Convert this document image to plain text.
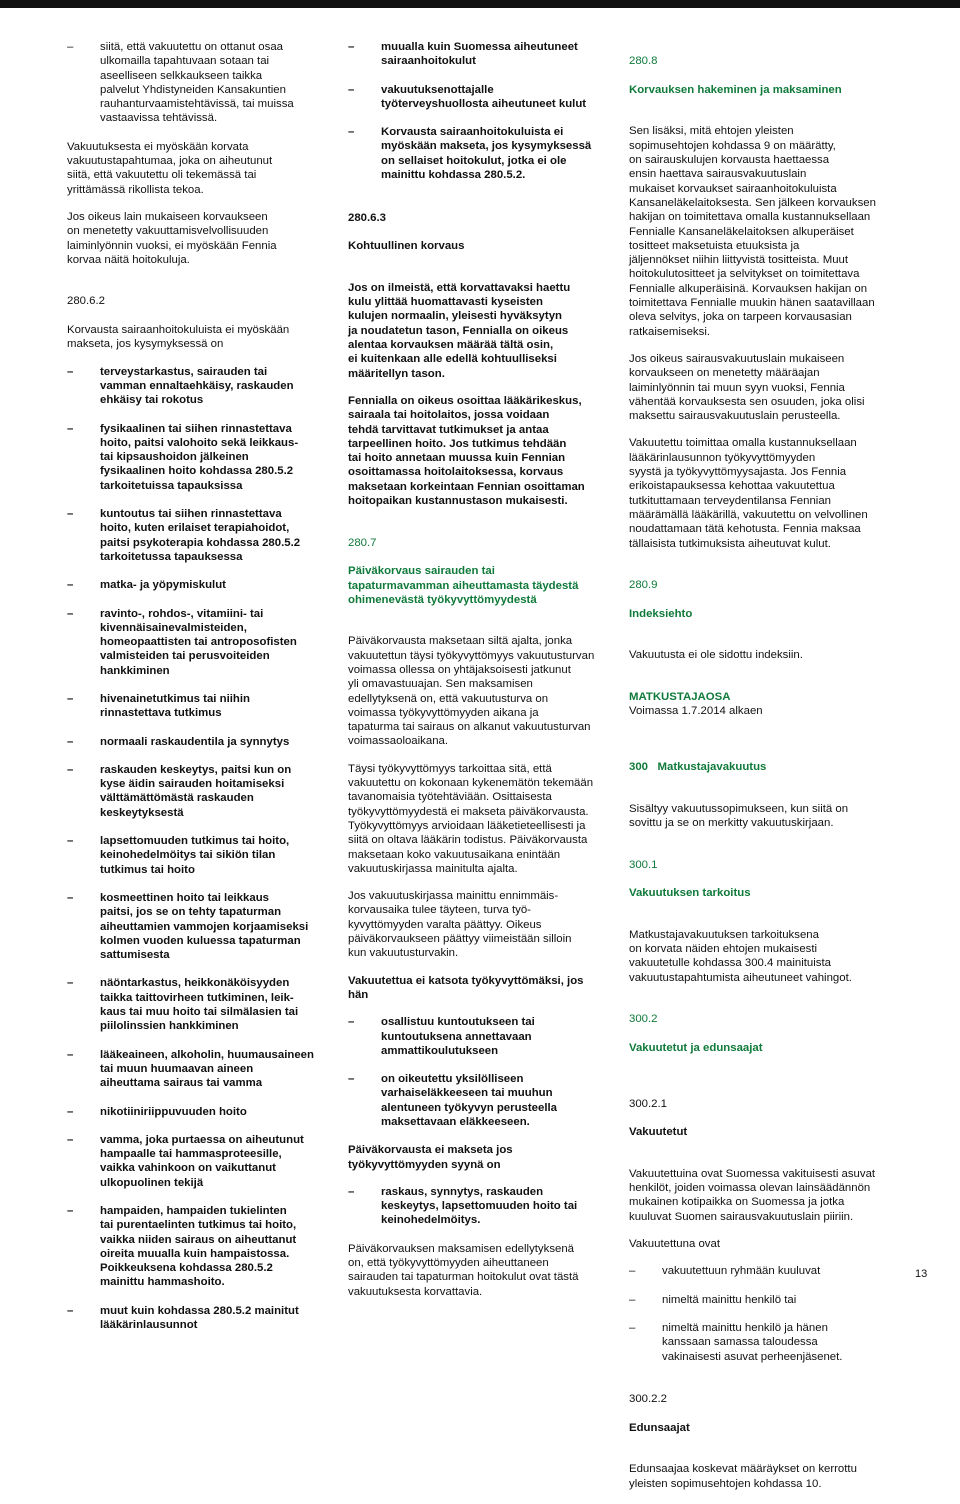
– siitä, että vakuutettu on ottanut osaa
ulkomailla tapahtuvaan sotaan tai
aseelliseen selkkaukseen taikka
palvelut Yhdistyneiden Kansakuntien
rauhanturvaamistehtävissä, tai muissa
vastaavissa tehtävissä.

Vakuutuksesta ei myöskään korvata
vakuutustapahtumaa, joka on aiheutunut
siitä, että vakuutettu oli tekemässä tai
yrittämässä rikollista tekoa.

Jos oikeus lain mukaiseen korvaukseen
on menetetty vakuuttamisvelvollisuuden
laiminlyönnin vuoksi, ei myöskään Fennia
korvaa näitä hoitokuluja.

280.6.2

Korvausta sairaanhoitokuluista ei myöskään
makseta, jos kysymyksessä on

– terveystarkastus, sairauden tai
vamman ennaltaehkäisy, raskauden
ehkäisy tai rokotus
– fysikaalinen tai siihen rinnastettava
hoito, paitsi valohoito sekä leikkaus-
tai kipsaushoidon jälkeinen
fysikaalinen hoito kohdassa 280.5.2
tarkoitetuissa tapauksissa
– kuntoutus tai siihen rinnastettava
hoito, kuten erilaiset terapiahoidot,
paitsi psykoterapia kohdassa 280.5.2
tarkoitetussa tapauksessa
– matka- ja yöpymiskulut
– ravinto-, rohdos-, vitamiini- tai
kivennäisainevalmisteiden,
homeopaattisten tai antroposofisten
valmisteiden tai perusvoiteiden
hankkiminen
– hivenainetutkimus tai niihin
rinnastettava tutkimus
– normaali raskaudentila ja synnytys
– raskauden keskeytys, paitsi kun on
kyse äidin sairauden hoitamiseksi
välttämättömästä raskauden
keskeytyksestä
– lapsettomuuden tutkimus tai hoito,
keinohedelmöitys tai sikiön tilan
tutkimus tai hoito
– kosmeettinen hoito tai leikkaus
paitsi, jos se on tehty tapaturman
aiheuttamien vammojen korjaamiseksi
kolmen vuoden kuluessa tapaturman
sattumisesta
– näöntarkastus, heikkonäköisyyden
taikka taittovirheen tutkiminen, leik-
kaus tai muu hoito tai silmälasien tai
piilolinssien hankkiminen
– lääkeaineen, alkoholin, huumausaineen
tai muun huumaavan aineen
aiheuttama sairaus tai vamma
– nikotiiniriippuvuuden hoito
– vamma, joka purtaessa on aiheutunut
hampaalle tai hammasproteesille,
vaikka vahinkoon on vaikuttanut
ulkopuolinen tekijä
– hampaiden, hampaiden tukielinten
tai purentaelinten tutkimus tai hoito,
vaikka niiden sairaus on aiheuttanut
oireita muualla kuin hampaistossa.
Poikkeuksena kohdassa 280.5.2
mainittu hammashoito.
– muut kuin kohdassa 280.5.2 mainitut
lääkärinlausunnot
– muualla kuin Suomessa aiheutuneet
sairaanhoitokulut
– vakuutuksenottajalle
työterveyshuollosta aiheutuneet kulut
– Korvausta sairaanhoitokuluista ei
myöskään makseta, jos kysymyksessä
on sellaiset hoitokulut, jotka ei ole
mainittu kohdassa 280.5.2.

280.6.3

Kohtuullinen korvaus

Jos on ilmeistä, että korvattavaksi haettu
kulu ylittää huomattavasti kyseisten
kulujen normaalin, yleisesti hyväksytyn
ja noudatetun tason, Fennialla on oikeus
alentaa korvauksen määrää tältä osin,
ei kuitenkaan alle edellä kohtuulliseksi
määritellyn tason.

Fennialla on oikeus osoittaa lääkärikeskus,
sairaala tai hoitolaitos, jossa voidaan
tehdä tarvittavat tutkimukset ja antaa
tarpeellinen hoito. Jos tutkimus tehdään
tai hoito annetaan muussa kuin Fennian
osoittamassa hoitolaitoksessa, korvaus
maksetaan korkeintaan Fennian osoittaman
hoitopaikan kustannustason mukaisesti.

280.7

Päiväkorvaus sairauden tai
tapaturmavamman aiheuttamasta täydestä
ohimenevästä työkyvyttömyydestä

Päiväkorvausta maksetaan siltä ajalta, jonka
vakuutettun täysi työkyvyttömyys vakuutusturvan
voimassa ollessa on yhtäjaksoisesti jatkunut
yli omavastuuajan. Sen maksamisen
edellytyksenä on, että vakuutusturva on
voimassa työkyvyttömyyden aikana ja
tapaturma tai sairaus on alkanut vakuutusturvan
voimassaoloaikana.

Täysi työkyvyttömyys tarkoittaa sitä, että
vakuutettu on kokonaan kykenemätön tekemään
tavanomaisia työtehtäviään. Osittaisesta
työkyvyttömyydestä ei makseta päiväkorvausta.
Työkyvyttömyys arvioidaan lääketieteellisesti ja
siitä on oltava lääkärin todistus. Päiväkorvausta
maksetaan koko vakuutusaikana enintään
vakuutuskirjassa mainitulta ajalta.

Jos vakuutuskirjassa mainittu ennimmäis-
korvausaika tulee täyteen, turva työ-
kyvyttömyyden varalta päättyy. Oikeus
päiväkorvaukseen päättyy viimeistään silloin
kun vakuutusturvakin.

Vakuutettua ei katsota työkyvyttömäksi, jos
hän

– osallistuu kuntoutukseen tai
kuntoutuksena annettavaan
ammattikoulutukseen
– on oikeutettu yksilölliseen
varhaiseläkkeeseen tai muuhun
alentuneen työkyvyn perusteella
maksettavaan eläkkeeseen.

Päiväkorvausta ei makseta jos
työkyvyttömyyden syynä on

– raskaus, synnytys, raskauden
keskeytys, lapsettomuuden hoito tai
keinohedelmöitys.

Päiväkorvauksen maksamisen edellytyksenä
on, että työkyvyttömyyden aiheuttaneen
sairauden tai tapaturman hoitokulut ovat tästä
vakuutuksesta korvattavia.

280.8

Korvauksen hakeminen ja maksaminen

Sen lisäksi, mitä ehtojen yleisten
sopimusehtojen kohdassa 9 on määrätty,
on sairauskulujen korvausta haettaessa
ensin haettava sairausvakuutuslain
mukaiset korvaukset sairaanhoitokuluista
Kansaneläkelaitoksesta. Sen jälkeen korvauksen
hakijan on toimitettava omalla kustannuksellaan
Fennialle Kansaneläkelaitoksen alkuperäiset
tositteet maksetuista etuuksista ja
jäljennökset niihin liittyvistä tositteista. Muut
hoitokulutositteet ja selvitykset on toimitettava
Fennialle alkuperäisinä. Korvauksen hakijan on
toimitettava Fennialle muukin hänen saatavillaan
oleva selvitys, joka on tarpeen korvausasian
ratkaisemiseksi.

Jos oikeus sairausvakuutuslain mukaiseen
korvaukseen on menetetty määräajan
laiminlyönnin tai muun syyn vuoksi, Fennia
vähentää korvauksesta sen osuuden, joka olisi
maksettu sairausvakuutuslain perusteella.

Vakuutettu toimittaa omalla kustannuksellaan
lääkärinlausunnon työkyvyttömyyden
syystä ja työkyvyttömyysajasta. Jos Fennia
erikoistapauksessa kehottaa vakuutettua
tutkituttamaan terveydentilansa Fennian
määrämällä lääkärillä, vakuutettu on velvollinen
noudattamaan tätä kehotusta. Fennia maksaa
tällaisista tutkimuksista aiheutuvat kulut.

280.9

Indeksiehto

Vakuutusta ei ole sidottu indeksiin.

MATKUSTAJAOSA

Voimassa 1.7.2014 alkaen

300 Matkustajavakuutus

Sisältyy vakuutussopimukseen, kun siitä on
sovittu ja se on merkitty vakuutuskirjaan.

300.1

Vakuutuksen tarkoitus

Matkustajavakuutuksen tarkoituksena
on korvata näiden ehtojen mukaisesti
vakuutetulle kohdassa 300.4 mainituista
vakuutustapahtumista aiheutuneet vahingot.

300.2

Vakuutetut ja edunsaajat

300.2.1

Vakuutetut

Vakuutettuina ovat Suomessa vakituisesti asuvat
henkilöt, joiden voimassa olevan lainsäädännön
mukainen kotipaikka on Suomessa ja jotka
kuuluvat Suomen sairausvakuutuslain piiriin.

Vakuutettuna ovat

– vakuutettuun ryhmään kuuluvat
– nimeltä mainittu henkilö tai
– nimeltä mainittu henkilö ja hänen
kanssaan samassa taloudessa
vakinaisesti asuvat perheenjäsenet.

300.2.2

Edunsaajat

Edunsaajaa koskevat määräykset on kerrottu
yleisten sopimusehtojen kohdassa 10.

13
